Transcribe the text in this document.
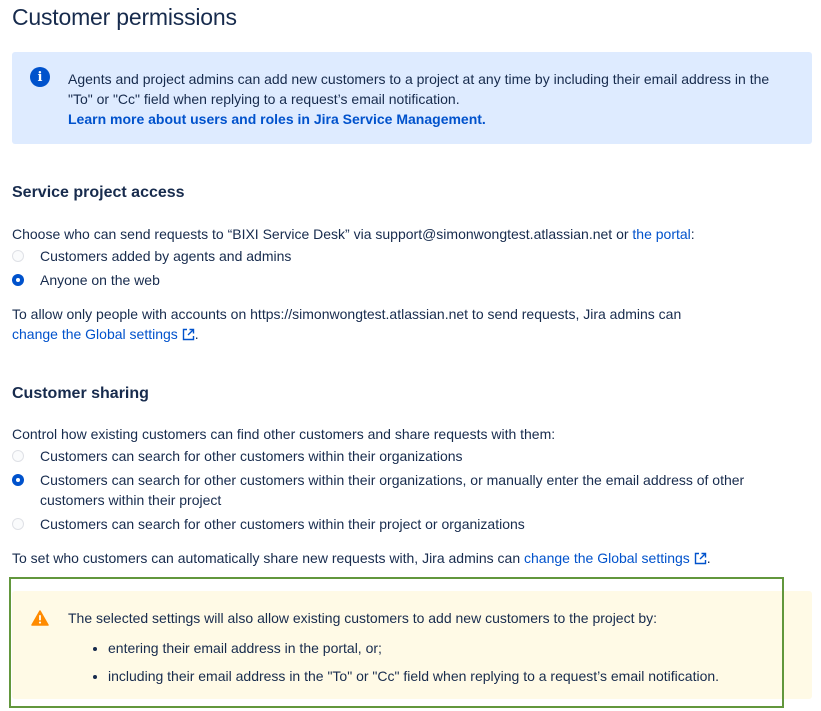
Customer permissions
i	Agents and project admins can add new customers to a project at any time by including their email address in the "To" or "Cc" field when replying to a request’s email notification.
Learn more about users and roles in Jira Service Management.
Service project access

Choose who can send requests to “BIXI Service Desk” via support@simonwongtest.atlassian.net or the portal:

Customers added by agents and admins
Anyone on the web

To allow only people with accounts on https://simonwongtest.atlassian.net to send requests, Jira admins can
change the Global settings .

Customer sharing

Control how existing customers can find other customers and share requests with them:

Customers can search for other customers within their organizations
Customers can search for other customers within their organizations, or manually enter the email address of other customers within their project
Customers can search for other customers within their project or organizations

To set who customers can automatically share new requests with, Jira admins can change the Global settings .

The selected settings will also allow existing customers to add new customers to the project by:

• entering their email address in the portal, or;
• including their email address in the "To" or "Cc" field when replying to a request’s email notification.
